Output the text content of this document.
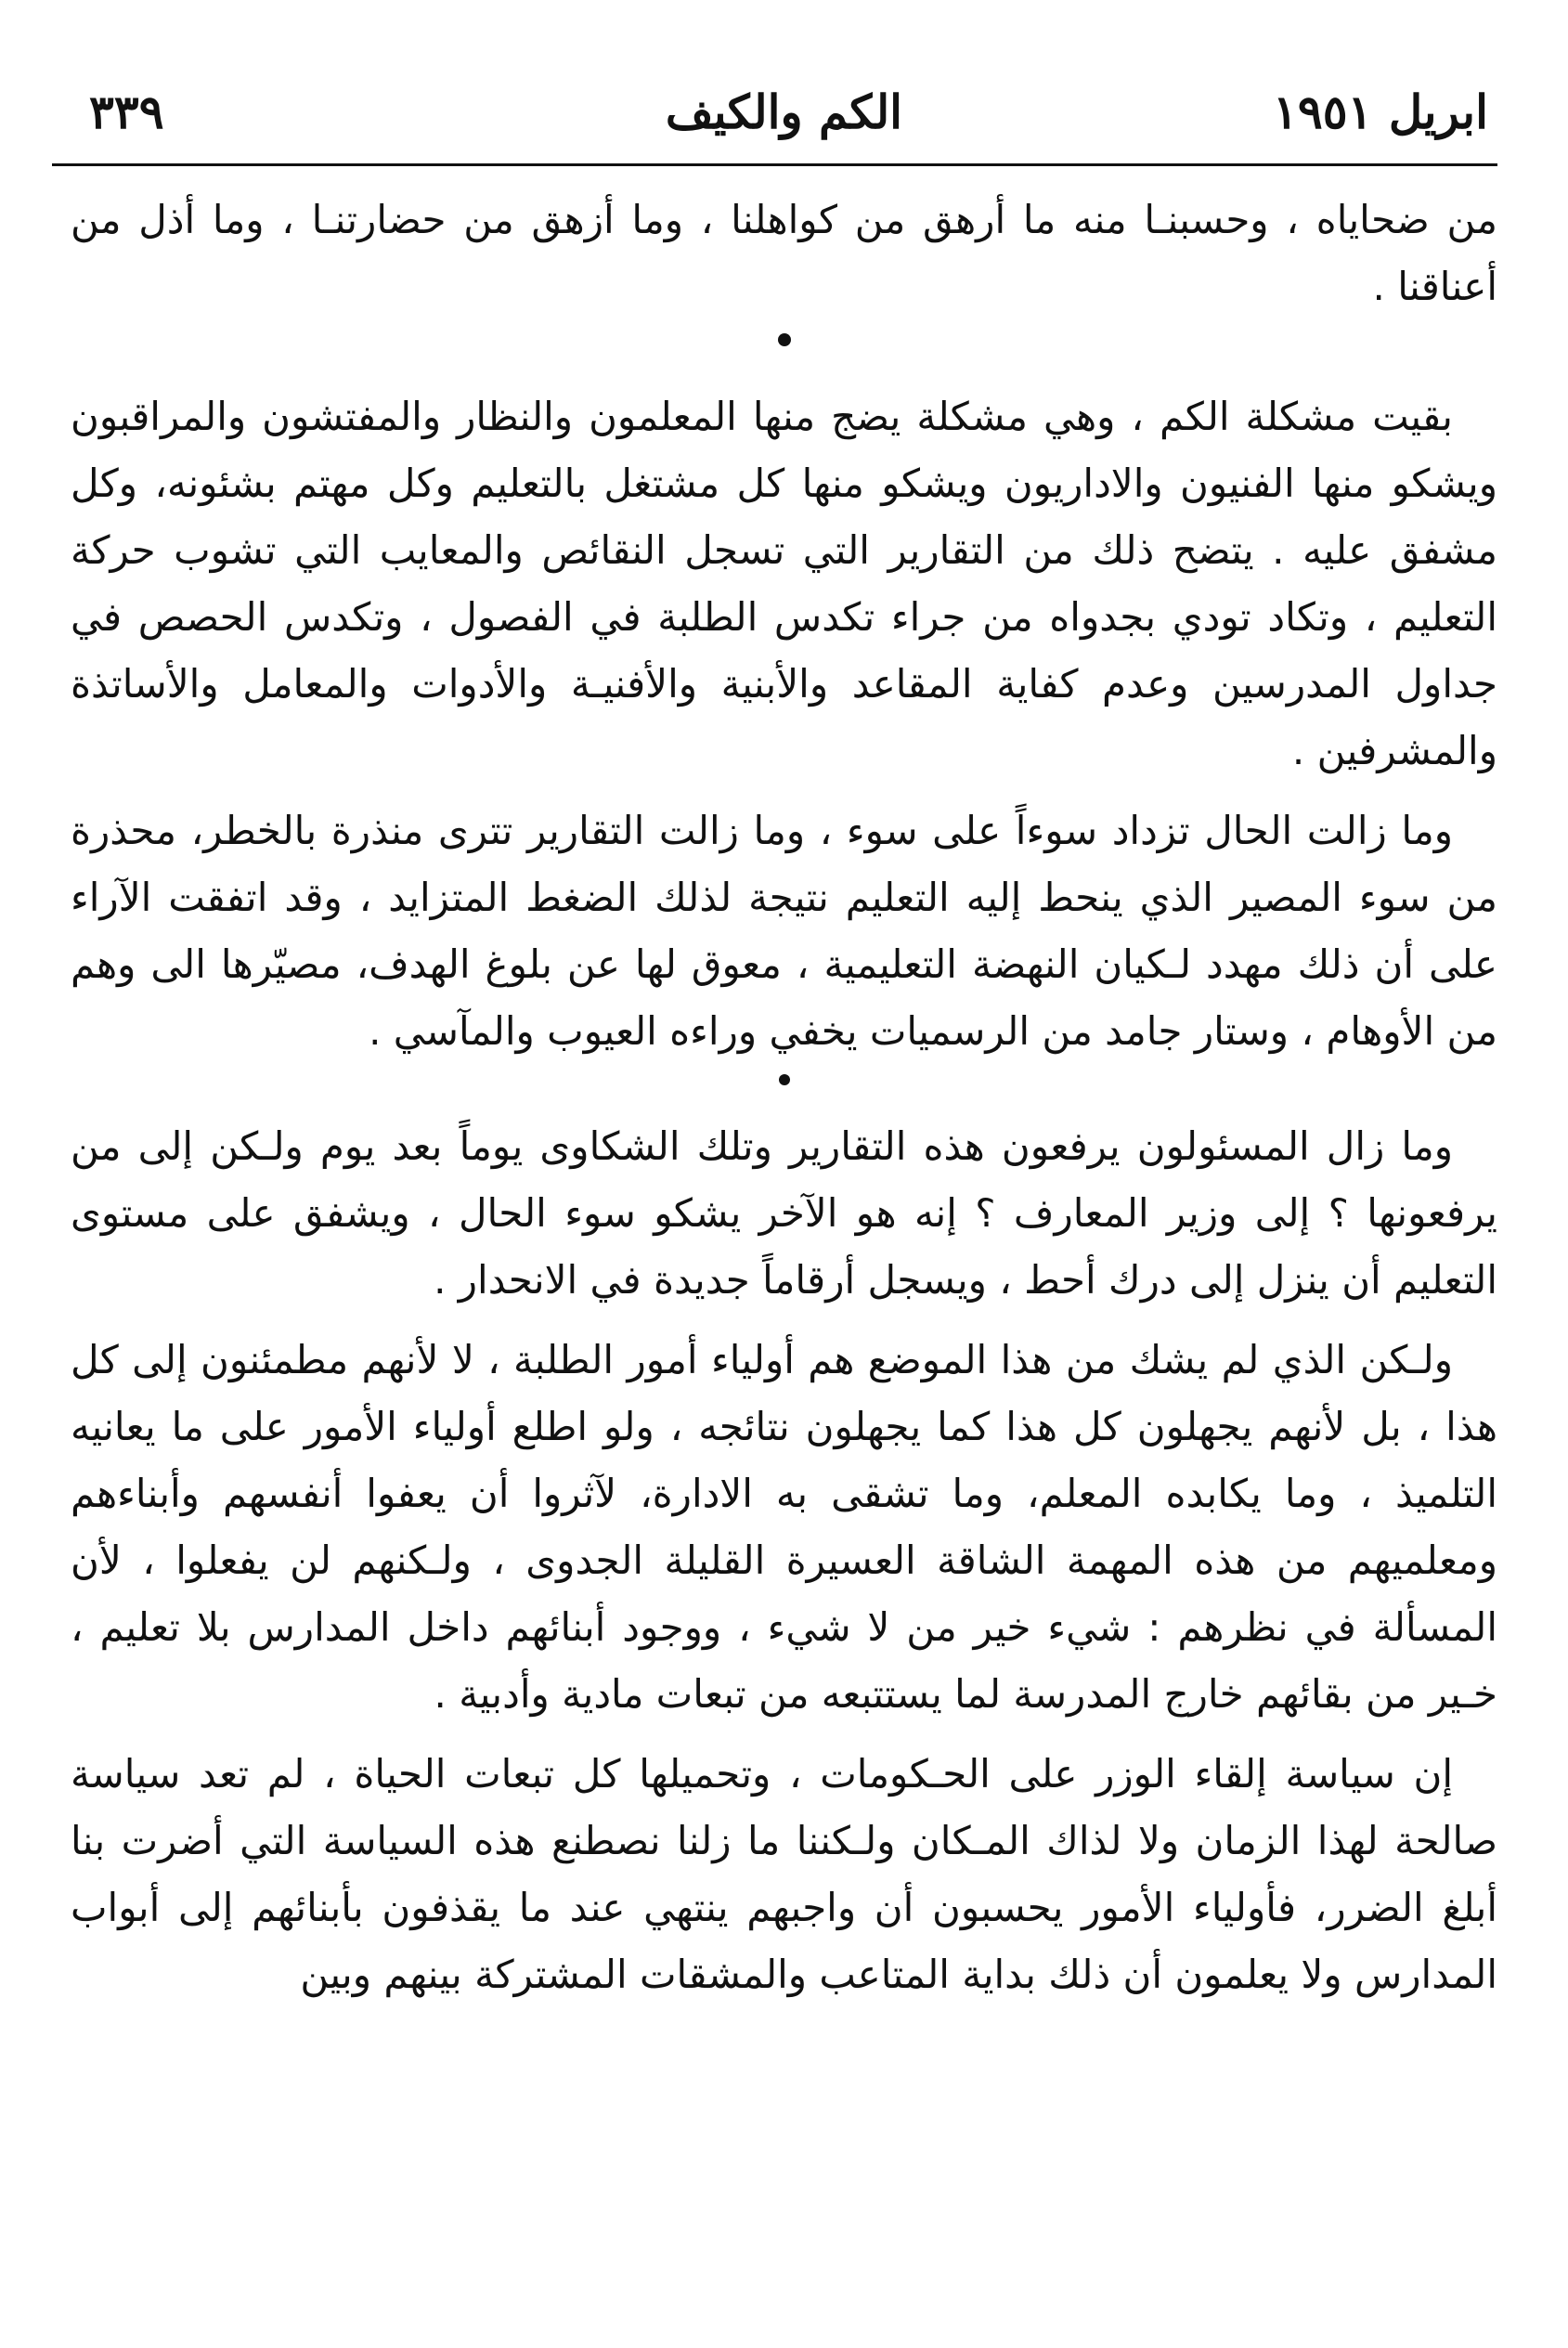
ابريل ١٩٥١
الكم والكيف
٣٣٩

من ضحاياه ، وحسبنـا منه ما أرهق من كواهلنا ، وما أزهق من حضارتنـا ، وما أذل من أعناقنا .

بقيت مشكلة الكم ، وهي مشكلة يضج منها المعلمون والنظار والمفتشون والمراقبون ويشكو منها الفنيون والاداريون ويشكو منها كل مشتغل بالتعليم وكل مهتم بشئونه، وكل مشفق عليه . يتضح ذلك من التقارير التي تسجل النقائص والمعايب التي تشوب حركة التعليم ، وتكاد تودي بجدواه من جراء تكدس الطلبة في الفصول ، وتكدس الحصص في جداول المدرسين وعدم كفاية المقاعد والأبنية والأفنيـة والأدوات والمعامل والأساتذة والمشرفين .

وما زالت الحال تزداد سوءاً على سوء ، وما زالت التقارير تترى منذرة بالخطر، محذرة من سوء المصير الذي ينحط إليه التعليم نتيجة لذلك الضغط المتزايد ، وقد اتفقت الآراء على أن ذلك مهدد لـكيان النهضة التعليمية ، معوق لها عن بلوغ الهدف، مصيّرها الى وهم من الأوهام ، وستار جامد من الرسميات يخفي وراءه العيوب والمآسي .

وما زال المسئولون يرفعون هذه التقارير وتلك الشكاوى يوماً بعد يوم ولـكن إلى من يرفعونها ؟ إلى وزير المعارف ؟ إنه هو الآخر يشكو سوء الحال ، ويشفق على مستوى التعليم أن ينزل إلى درك أحط ، ويسجل أرقاماً جديدة في الانحدار .

ولـكن الذي لم يشك من هذا الموضع هم أولياء أمور الطلبة ، لا لأنهم مطمئنون إلى كل هذا ، بل لأنهم يجهلون كل هذا كما يجهلون نتائجه ، ولو اطلع أولياء الأمور على ما يعانيه التلميذ ، وما يكابده المعلم، وما تشقى به الادارة، لآثروا أن يعفوا أنفسهم وأبناءهم ومعلميهم من هذه المهمة الشاقة العسيرة القليلة الجدوى ، ولـكنهم لن يفعلوا ، لأن المسألة في نظرهم : شيء خير من لا شيء ، ووجود أبنائهم داخل المدارس بلا تعليم ، خـير من بقائهم خارج المدرسة لما يستتبعه من تبعات مادية وأدبية .

إن سياسة إلقاء الوزر على الحـكومات ، وتحميلها كل تبعات الحياة ، لم تعد سياسة صالحة لهذا الزمان ولا لذاك المـكان ولـكننا ما زلنا نصطنع هذه السياسة التي أضرت بنا أبلغ الضرر، فأولياء الأمور يحسبون أن واجبهم ينتهي عند ما يقذفون بأبنائهم إلى أبواب المدارس ولا يعلمون أن ذلك بداية المتاعب والمشقات المشتركة بينهم وبين
